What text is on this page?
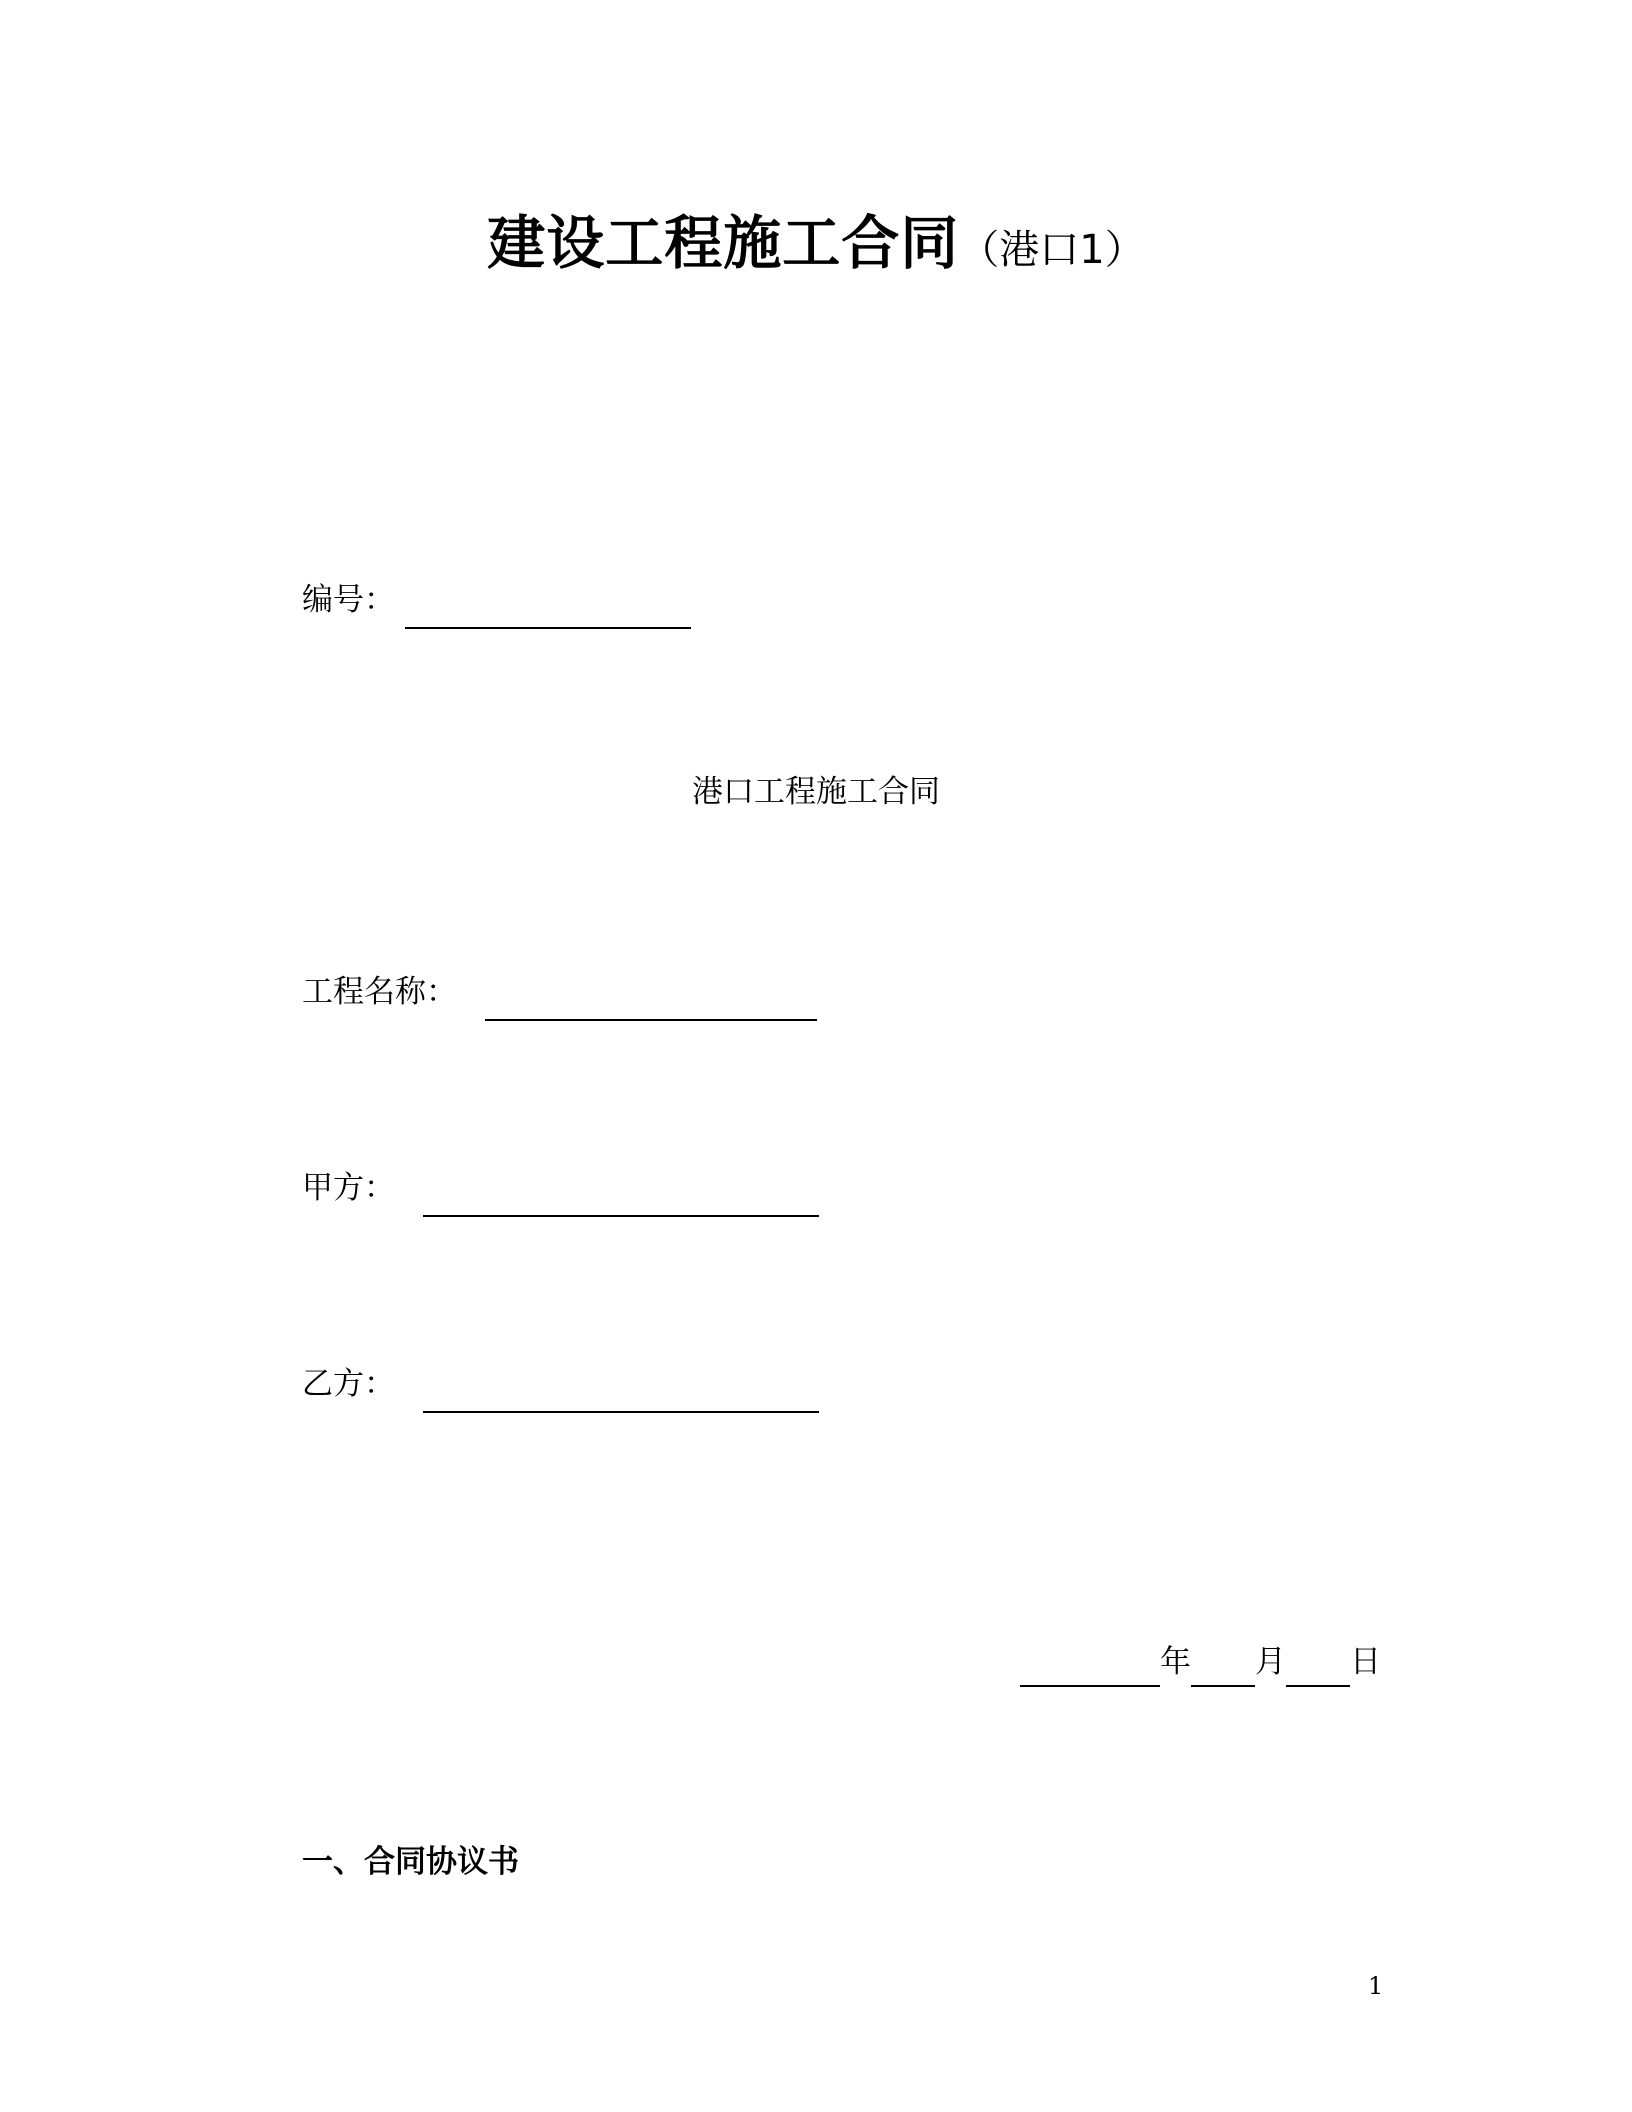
建设工程施工合同（港口1）
编号：
港口工程施工合同
工程名称：
甲方：
乙方：
年 月 日
一、合同协议书
1
